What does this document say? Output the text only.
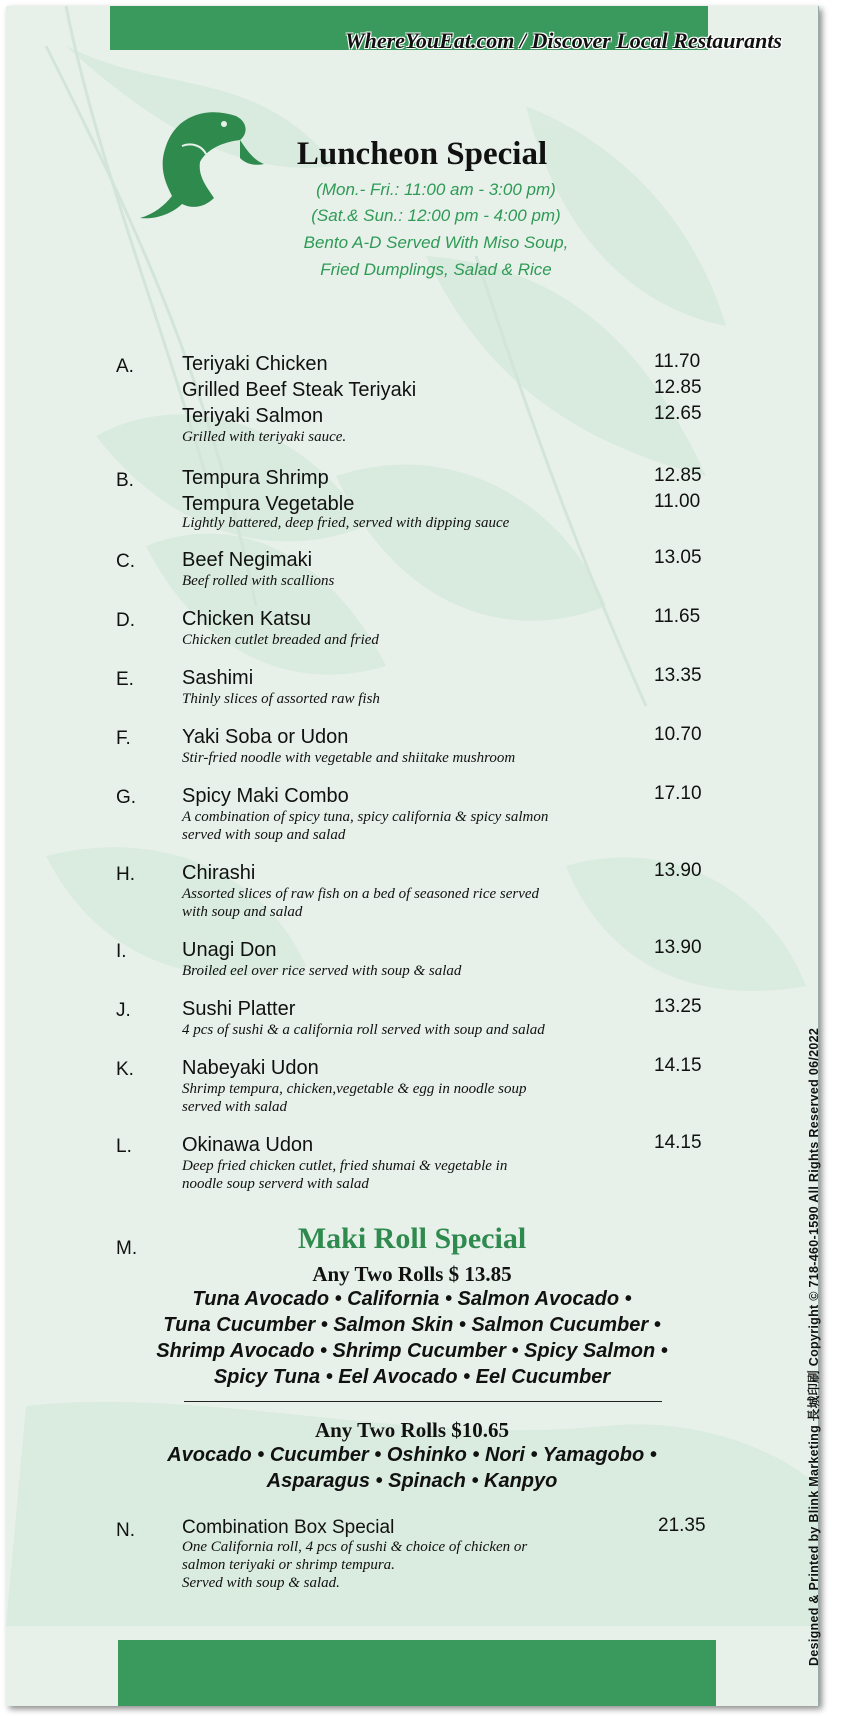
WhereYouEat.com / Discover Local Restaurants
Luncheon Special
(Mon.- Fri.: 11:00 am - 3:00 pm)
(Sat.& Sun.: 12:00 pm - 4:00 pm)
Bento A-D Served With Miso Soup,
Fried Dumplings, Salad & Rice
A. Teriyaki Chicken	11.70
Grilled Beef Steak Teriyaki	12.85
Teriyaki Salmon	12.65
Grilled with teriyaki sauce.
B. Tempura Shrimp	12.85
Tempura Vegetable	11.00
Lightly battered, deep fried, served with dipping sauce
C. Beef Negimaki	13.05
Beef rolled with scallions
D. Chicken Katsu	11.65
Chicken cutlet breaded and fried
E. Sashimi	13.35
Thinly slices of assorted raw fish
F.	Yaki Soba or Udon	10.70
Stir-fried noodle with vegetable and shiitake mushroom
G. Spicy Maki Combo	17.10
A combination of spicy tuna, spicy california & spicy salmon
served with soup and salad
H. Chirashi	13.90
Assorted slices of raw fish on a bed of seasoned rice served
with soup and salad
I.	Unagi Don	13.90
Broiled eel over rice served with soup & salad
J.	Sushi Platter	13.25
4 pcs of sushi & a california roll served with soup and salad
K. Nabeyaki Udon	14.15
Shrimp tempura, chicken,vegetable & egg in noodle soup
served with salad
L.	Okinawa Udon	14.15
Deep fried chicken cutlet, fried shumai & vegetable in
noodle soup serverd with salad
M.	Maki Roll Special
Any Two Rolls $ 13.85
Tuna Avocado • California • Salmon Avocado •
Tuna Cucumber • Salmon Skin • Salmon Cucumber •
Shrimp Avocado • Shrimp Cucumber • Spicy Salmon •
Spicy Tuna • Eel Avocado • Eel Cucumber
Any Two Rolls $10.65
Avocado • Cucumber • Oshinko • Nori • Yamagobo •
Asparagus • Spinach • Kanpyo
N. Combination Box Special	21.35
One California roll, 4 pcs of sushi & choice of chicken or
salmon teriyaki or shrimp tempura.
Served with soup & salad.	Designed & Printed by Blink Marketing 長城印刷 Copyright © 718-460-1590 All Rights Reserved 06/2022
